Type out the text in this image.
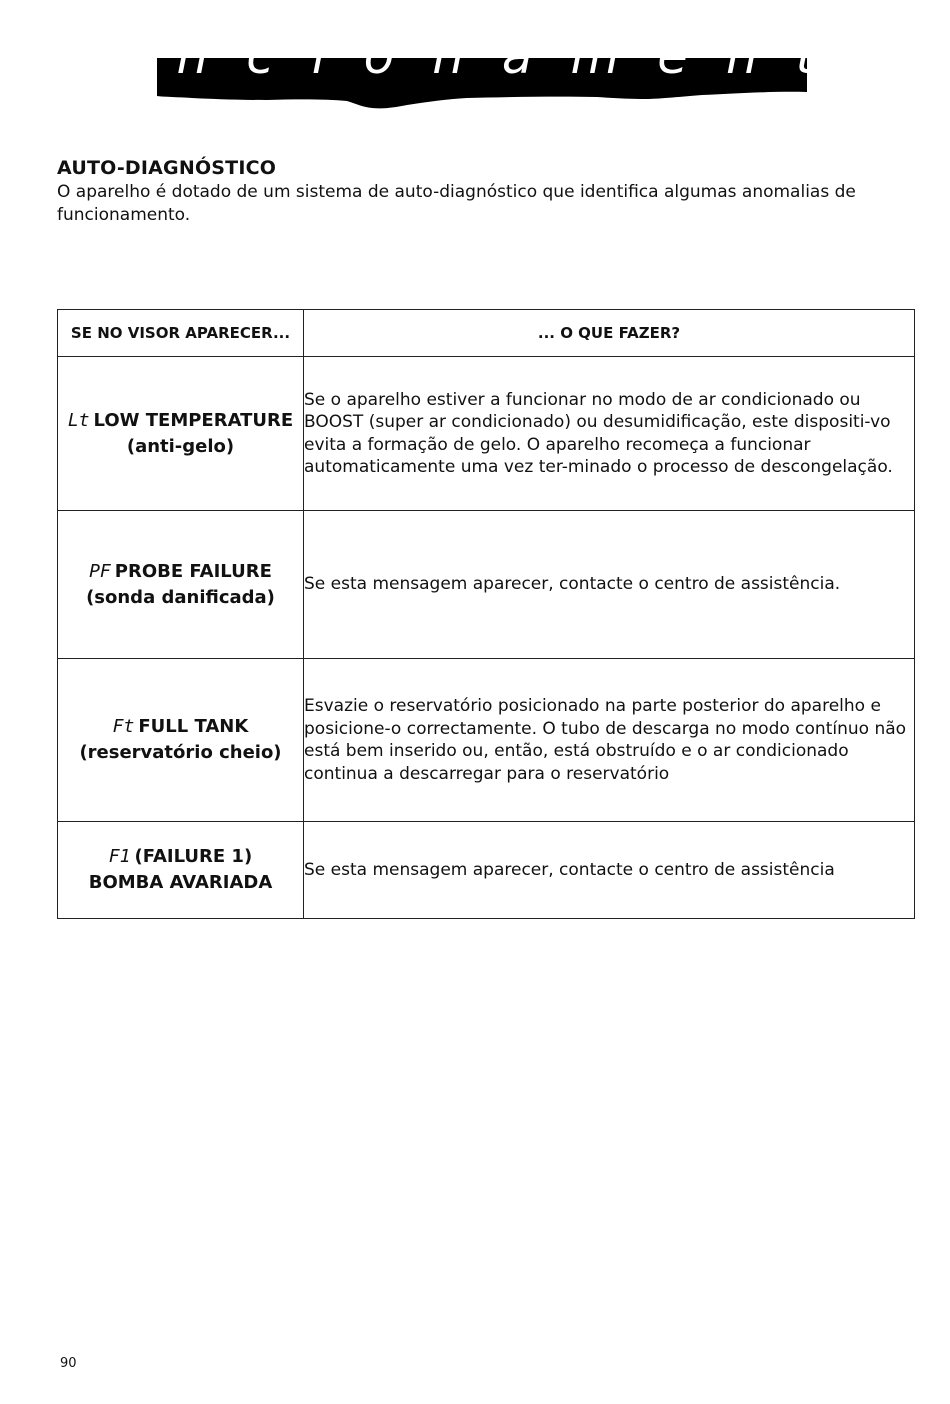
Funcionamento
AUTO-DIAGNÓSTICO

O aparelho é dotado de um sistema de auto-diagnóstico que identifica algumas anomalias de funcionamento.

SE NO VISOR APARECER...	... O QUE FAZER?

Lt LOW TEMPERATURE
(anti-gelo)	Se o aparelho estiver a funcionar no modo de ar condicionado ou BOOST (super ar condicionado) ou desumidificação, este dispositi-vo evita a formação de gelo. O aparelho recomeça a funcionar automaticamente uma vez ter-minado o processo de descongelação.

PF PROBE FAILURE
(sonda danificada)	Se esta mensagem aparecer, contacte o centro de assistência.

Ft FULL TANK
(reservatório cheio)	Esvazie o reservatório posicionado na parte posterior do aparelho e posicione-o correctamente. O tubo de descarga no modo contínuo não está bem inserido ou, então, está obstruído e o ar condicionado continua a descarregar para o reservatório

F1 (FAILURE 1)
BOMBA AVARIADA	Se esta mensagem aparecer, contacte o centro de assistência

90
